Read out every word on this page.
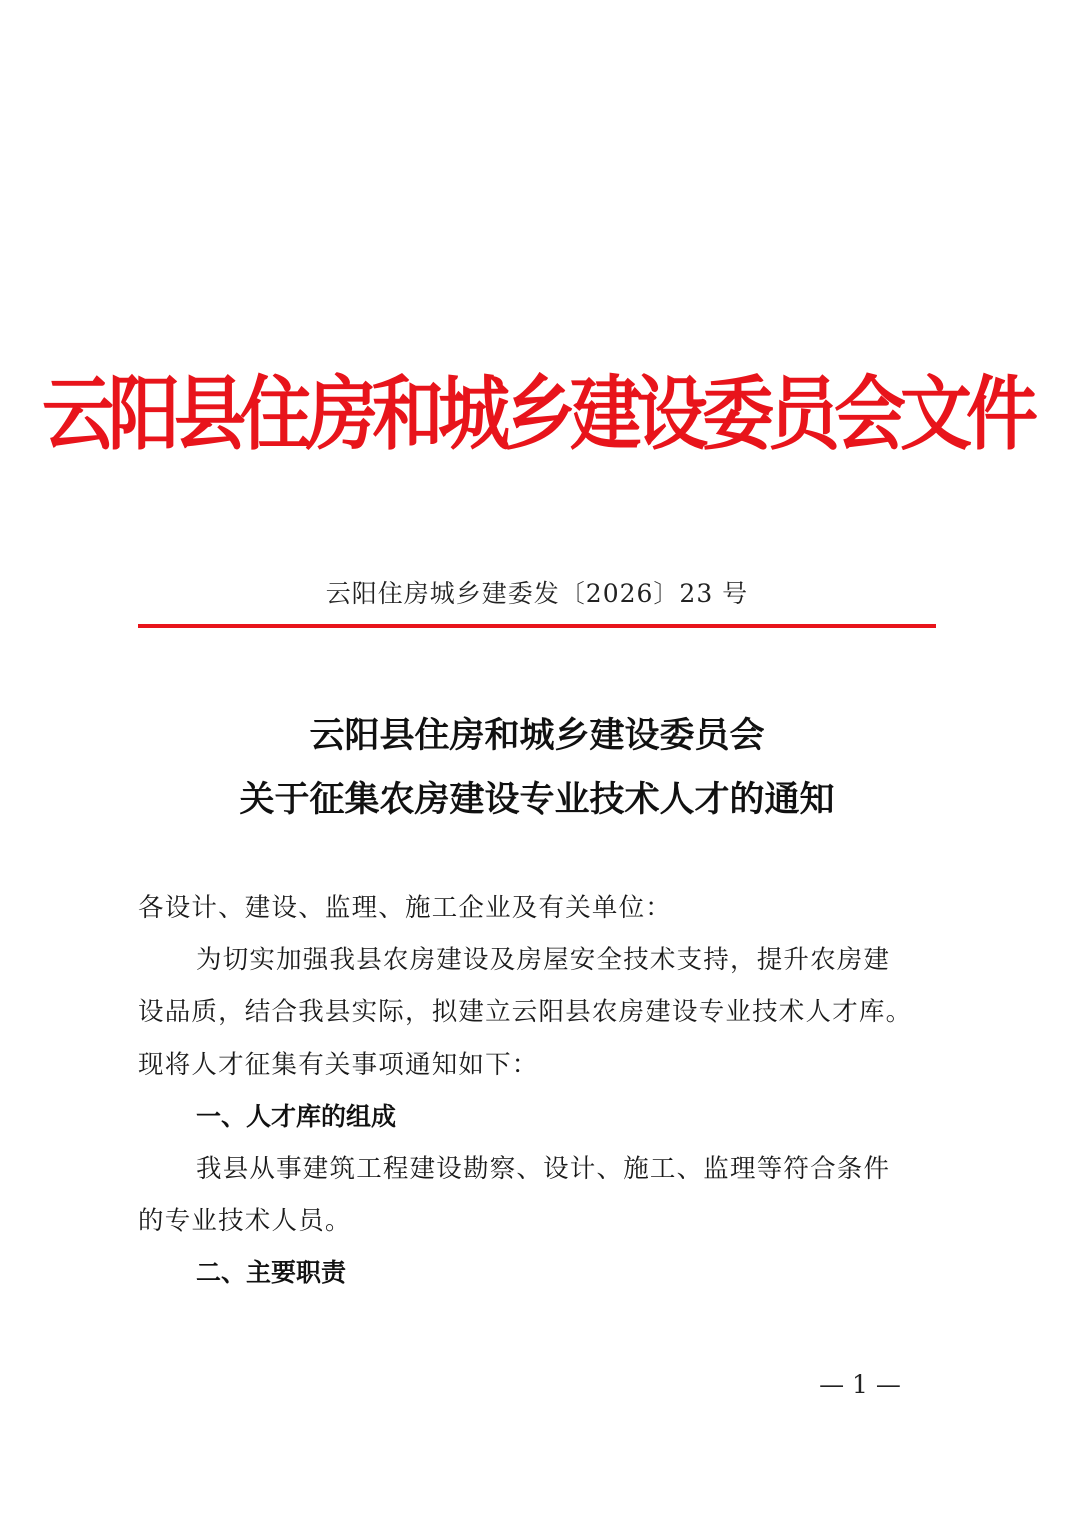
云阳县住房和城乡建设委员会文件
云阳住房城乡建委发〔2026〕23 号
云阳县住房和城乡建设委员会
关于征集农房建设专业技术人才的通知
各设计、建设、监理、施工企业及有关单位：
为切实加强我县农房建设及房屋安全技术支持，提升农房建
设品质，结合我县实际，拟建立云阳县农房建设专业技术人才库。
现将人才征集有关事项通知如下：
一、人才库的组成
我县从事建筑工程建设勘察、设计、施工、监理等符合条件
的专业技术人员。
二、主要职责
— 1 —
